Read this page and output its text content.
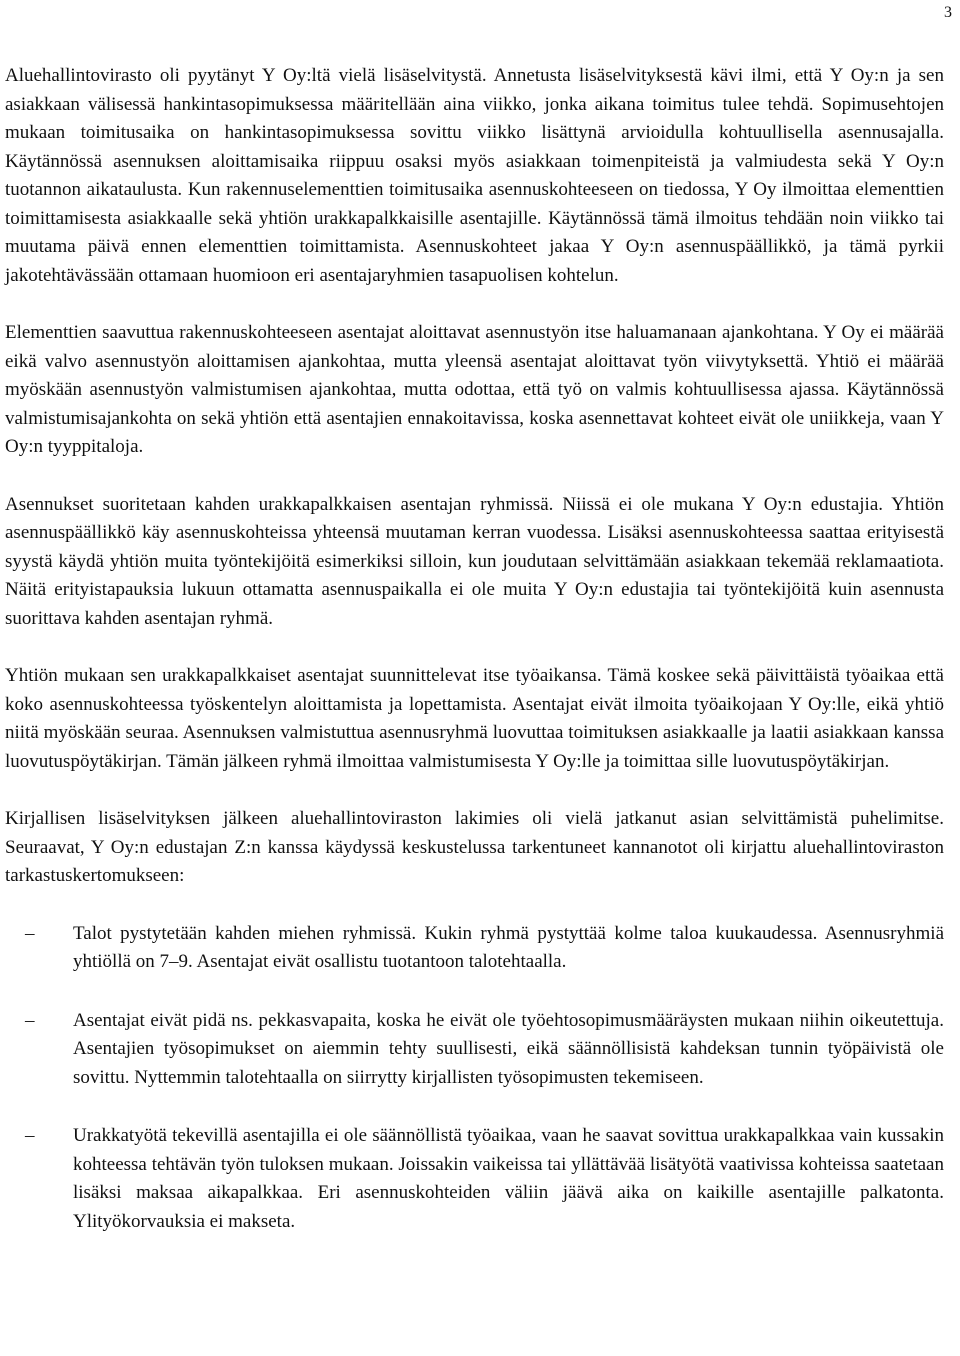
3

Aluehallintovirasto oli pyytänyt Y Oy:ltä vielä lisäselvitystä. Annetusta lisäselvityksestä kävi ilmi, että Y Oy:n ja sen asiakkaan välisessä hankintasopimuksessa määritellään aina viikko, jonka aikana toimitus tulee tehdä. Sopimusehtojen mukaan toimitusaika on hankintasopimuksessa sovittu viikko lisättynä arvioidulla kohtuullisella asennusajalla. Käytännössä asennuksen aloittamisaika riippuu osaksi myös asiakkaan toimenpiteistä ja valmiudesta sekä Y Oy:n tuotannon aikataulusta. Kun rakennuselementtien toimitusaika asennuskohteeseen on tiedossa, Y Oy ilmoittaa elementtien toimittamisesta asiakkaalle sekä yhtiön urakkapalkkaisille asentajille. Käytännössä tämä ilmoitus tehdään noin viikko tai muutama päivä ennen elementtien toimittamista. Asennuskohteet jakaa Y Oy:n asennuspäällikkö, ja tämä pyrkii jakotehtävässään ottamaan huomioon eri asentajaryhmien tasapuolisen kohtelun.

Elementtien saavuttua rakennuskohteeseen asentajat aloittavat asennustyön itse haluamanaan ajankohtana. Y Oy ei määrää eikä valvo asennustyön aloittamisen ajankohtaa, mutta yleensä asentajat aloittavat työn viivytyksettä. Yhtiö ei määrää myöskään asennustyön valmistumisen ajankohtaa, mutta odottaa, että työ on valmis kohtuullisessa ajassa. Käytännössä valmistumisajankohta on sekä yhtiön että asentajien ennakoitavissa, koska asennettavat kohteet eivät ole uniikkeja, vaan Y Oy:n tyyppitaloja.

Asennukset suoritetaan kahden urakkapalkkaisen asentajan ryhmissä. Niissä ei ole mukana Y Oy:n edustajia. Yhtiön asennuspäällikkö käy asennuskohteissa yhteensä muutaman kerran vuodessa. Lisäksi asennuskohteessa saattaa erityisestä syystä käydä yhtiön muita työntekijöitä esimerkiksi silloin, kun joudutaan selvittämään asiakkaan tekemää reklamaatiota. Näitä erityistapauksia lukuun ottamatta asennuspaikalla ei ole muita Y Oy:n edustajia tai työntekijöitä kuin asennusta suorittava kahden asentajan ryhmä.

Yhtiön mukaan sen urakkapalkkaiset asentajat suunnittelevat itse työaikansa. Tämä koskee sekä päivittäistä työaikaa että koko asennuskohteessa työskentelyn aloittamista ja lopettamista. Asentajat eivät ilmoita työaikojaan Y Oy:lle, eikä yhtiö niitä myöskään seuraa. Asennuksen valmistuttua asennusryhmä luovuttaa toimituksen asiakkaalle ja laatii asiakkaan kanssa luovutuspöytäkirjan. Tämän jälkeen ryhmä ilmoittaa valmistumisesta Y Oy:lle ja toimittaa sille luovutuspöytäkirjan.

Kirjallisen lisäselvityksen jälkeen aluehallintoviraston lakimies oli vielä jatkanut asian selvittämistä puhelimitse. Seuraavat, Y Oy:n edustajan Z:n kanssa käydyssä keskustelussa tarkentuneet kannanotot oli kirjattu aluehallintoviraston tarkastuskertomukseen:

– Talot pystytetään kahden miehen ryhmissä. Kukin ryhmä pystyttää kolme taloa kuukaudessa. Asennusryhmiä yhtiöllä on 7–9. Asentajat eivät osallistu tuotantoon talotehtaalla.
– Asentajat eivät pidä ns. pekkasvapaita, koska he eivät ole työehtosopimusmääräysten mukaan niihin oikeutettuja. Asentajien työsopimukset on aiemmin tehty suullisesti, eikä säännöllisistä kahdeksan tunnin työpäivistä ole sovittu. Nyttemmin talotehtaalla on siirrytty kirjallisten työsopimusten tekemiseen.
– Urakkatyötä tekevillä asentajilla ei ole säännöllistä työaikaa, vaan he saavat sovittua urakkapalkkaa vain kussakin kohteessa tehtävän työn tuloksen mukaan. Joissakin vaikeissa tai yllättävää lisätyötä vaativissa kohteissa saatetaan lisäksi maksaa aikapalkkaa. Eri asennuskohteiden väliin jäävä aika on kaikille asentajille palkatonta. Ylityökorvauksia ei makseta.
